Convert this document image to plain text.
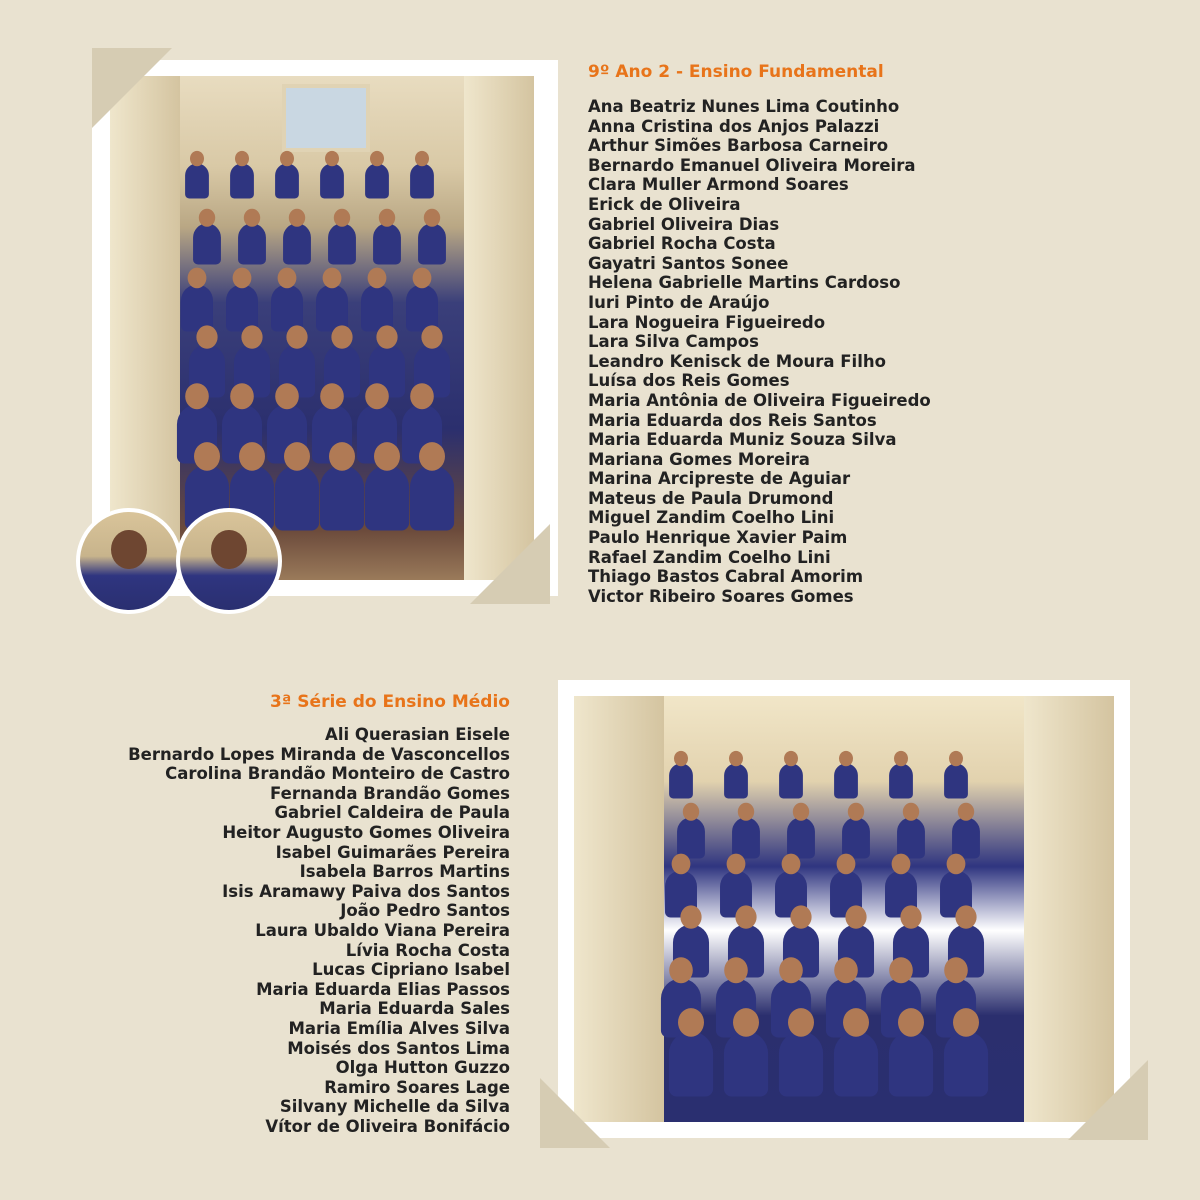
9º Ano 2 - Ensino Fundamental
Ana Beatriz Nunes Lima Coutinho
Anna Cristina dos Anjos Palazzi
Arthur Simões Barbosa Carneiro
Bernardo Emanuel Oliveira Moreira
Clara Muller Armond Soares
Erick de Oliveira
Gabriel Oliveira Dias
Gabriel Rocha Costa
Gayatri Santos Sonee
Helena Gabrielle Martins Cardoso
Iuri Pinto de Araújo
Lara Nogueira Figueiredo
Lara Silva Campos
Leandro Kenisck de Moura Filho
Luísa dos Reis Gomes
Maria Antônia de Oliveira Figueiredo
Maria Eduarda dos Reis Santos
Maria Eduarda Muniz Souza Silva
Mariana Gomes Moreira
Marina Arcipreste de Aguiar
Mateus de Paula Drumond
Miguel Zandim Coelho Lini
Paulo Henrique Xavier Paim
Rafael Zandim Coelho Lini
Thiago Bastos Cabral Amorim
Victor Ribeiro Soares Gomes
3ª Série do Ensino Médio
Ali Querasian Eisele
Bernardo Lopes Miranda de Vasconcellos
Carolina Brandão Monteiro de Castro
Fernanda Brandão Gomes
Gabriel Caldeira de Paula
Heitor Augusto Gomes Oliveira
Isabel Guimarães Pereira
Isabela Barros Martins
Isis Aramawy Paiva dos Santos
João Pedro Santos
Laura Ubaldo Viana Pereira
Lívia Rocha Costa
Lucas Cipriano Isabel
Maria Eduarda Elias Passos
Maria Eduarda Sales
Maria Emília Alves Silva
Moisés dos Santos Lima
Olga Hutton Guzzo
Ramiro Soares Lage
Silvany Michelle da Silva
Vítor de Oliveira Bonifácio
